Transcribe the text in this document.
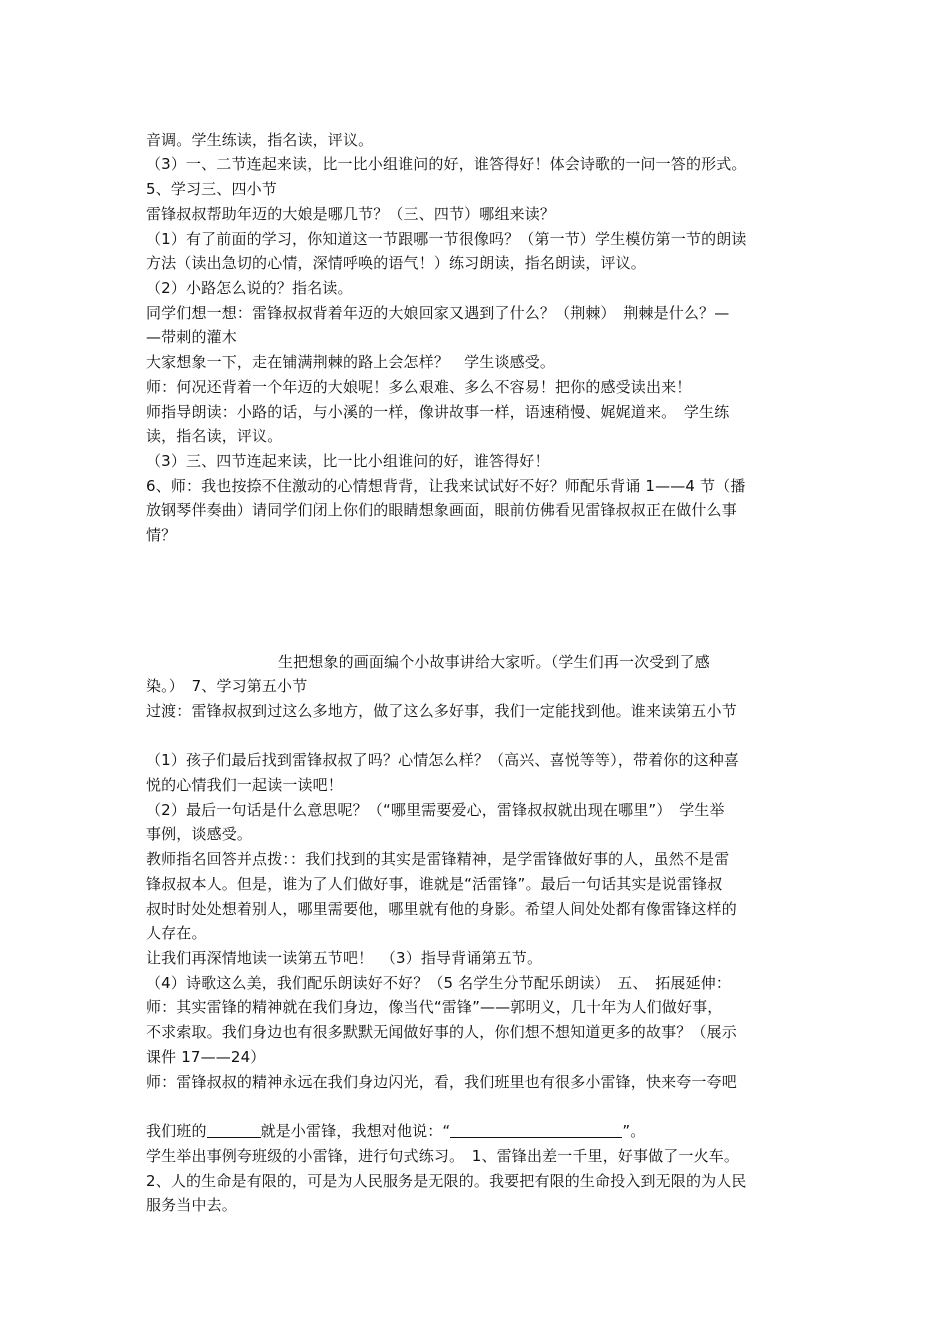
音调。学生练读，指名读，评议。
（3）一、二节连起来读，比一比小组谁问的好，谁答得好！体会诗歌的一问一答的形式。
5、学习三、四小节
雷锋叔叔帮助年迈的大娘是哪几节？（三、四节）哪组来读？
（1）有了前面的学习，你知道这一节跟哪一节很像吗？（第一节）学生模仿第一节的朗读
方法（读出急切的心情，深情呼唤的语气！）练习朗读，指名朗读，评议。
（2）小路怎么说的？指名读。
同学们想一想：雷锋叔叔背着年迈的大娘回家又遇到了什么？（荆棘）　荆棘是什么？—
—带刺的灌木
大家想象一下，走在铺满荆棘的路上会怎样？　学生谈感受。
师：何况还背着一个年迈的大娘呢！多么艰难、多么不容易！把你的感受读出来！
师指导朗读：小路的话，与小溪的一样，像讲故事一样，语速稍慢、娓娓道来。　学生练
读，指名读，评议。
（3）三、四节连起来读，比一比小组谁问的好，谁答得好！
6、师：我也按捺不住激动的心情想背背，让我来试试好不好？师配乐背诵 1——4 节（播
放钢琴伴奏曲）请同学们闭上你们的眼睛想象画面，眼前仿佛看见雷锋叔叔正在做什么事
情？
生把想象的画面编个小故事讲给大家听。（学生们再一次受到了感
染。）　7、学习第五小节
过渡：雷锋叔叔到过这么多地方，做了这么多好事，我们一定能找到他。谁来读第五小节
（1）孩子们最后找到雷锋叔叔了吗？心情怎么样？（高兴、喜悦等等），带着你的这种喜
悦的心情我们一起读一读吧！
（2）最后一句话是什么意思呢？（“哪里需要爱心，雷锋叔叔就出现在哪里”）　学生举
事例，谈感受。
教师指名回答并点拨：：我们找到的其实是雷锋精神，是学雷锋做好事的人，虽然不是雷
锋叔叔本人。但是，谁为了人们做好事，谁就是“活雷锋”。最后一句话其实是说雷锋叔
叔时时处处想着别人，哪里需要他，哪里就有他的身影。希望人间处处都有像雷锋这样的
人存在。
让我们再深情地读一读第五节吧！　（3）指导背诵第五节。
（4）诗歌这么美，我们配乐朗读好不好？（5 名学生分节配乐朗读）　五、　拓展延伸：
师：其实雷锋的精神就在我们身边，像当代“雷锋”——郭明义，几十年为人们做好事，
不求索取。我们身边也有很多默默无闻做好事的人，你们想不想知道更多的故事？（展示
课件 17——24）
师：雷锋叔叔的精神永远在我们身边闪光，看，我们班里也有很多小雷锋，快来夸一夸吧
我们班的	就是小雷锋，我想对他说：“	”。
学生举出事例夸班级的小雷锋，进行句式练习。　1、雷锋出差一千里，好事做了一火车。
2、人的生命是有限的，可是为人民服务是无限的。我要把有限的生命投入到无限的为人民
服务当中去。
